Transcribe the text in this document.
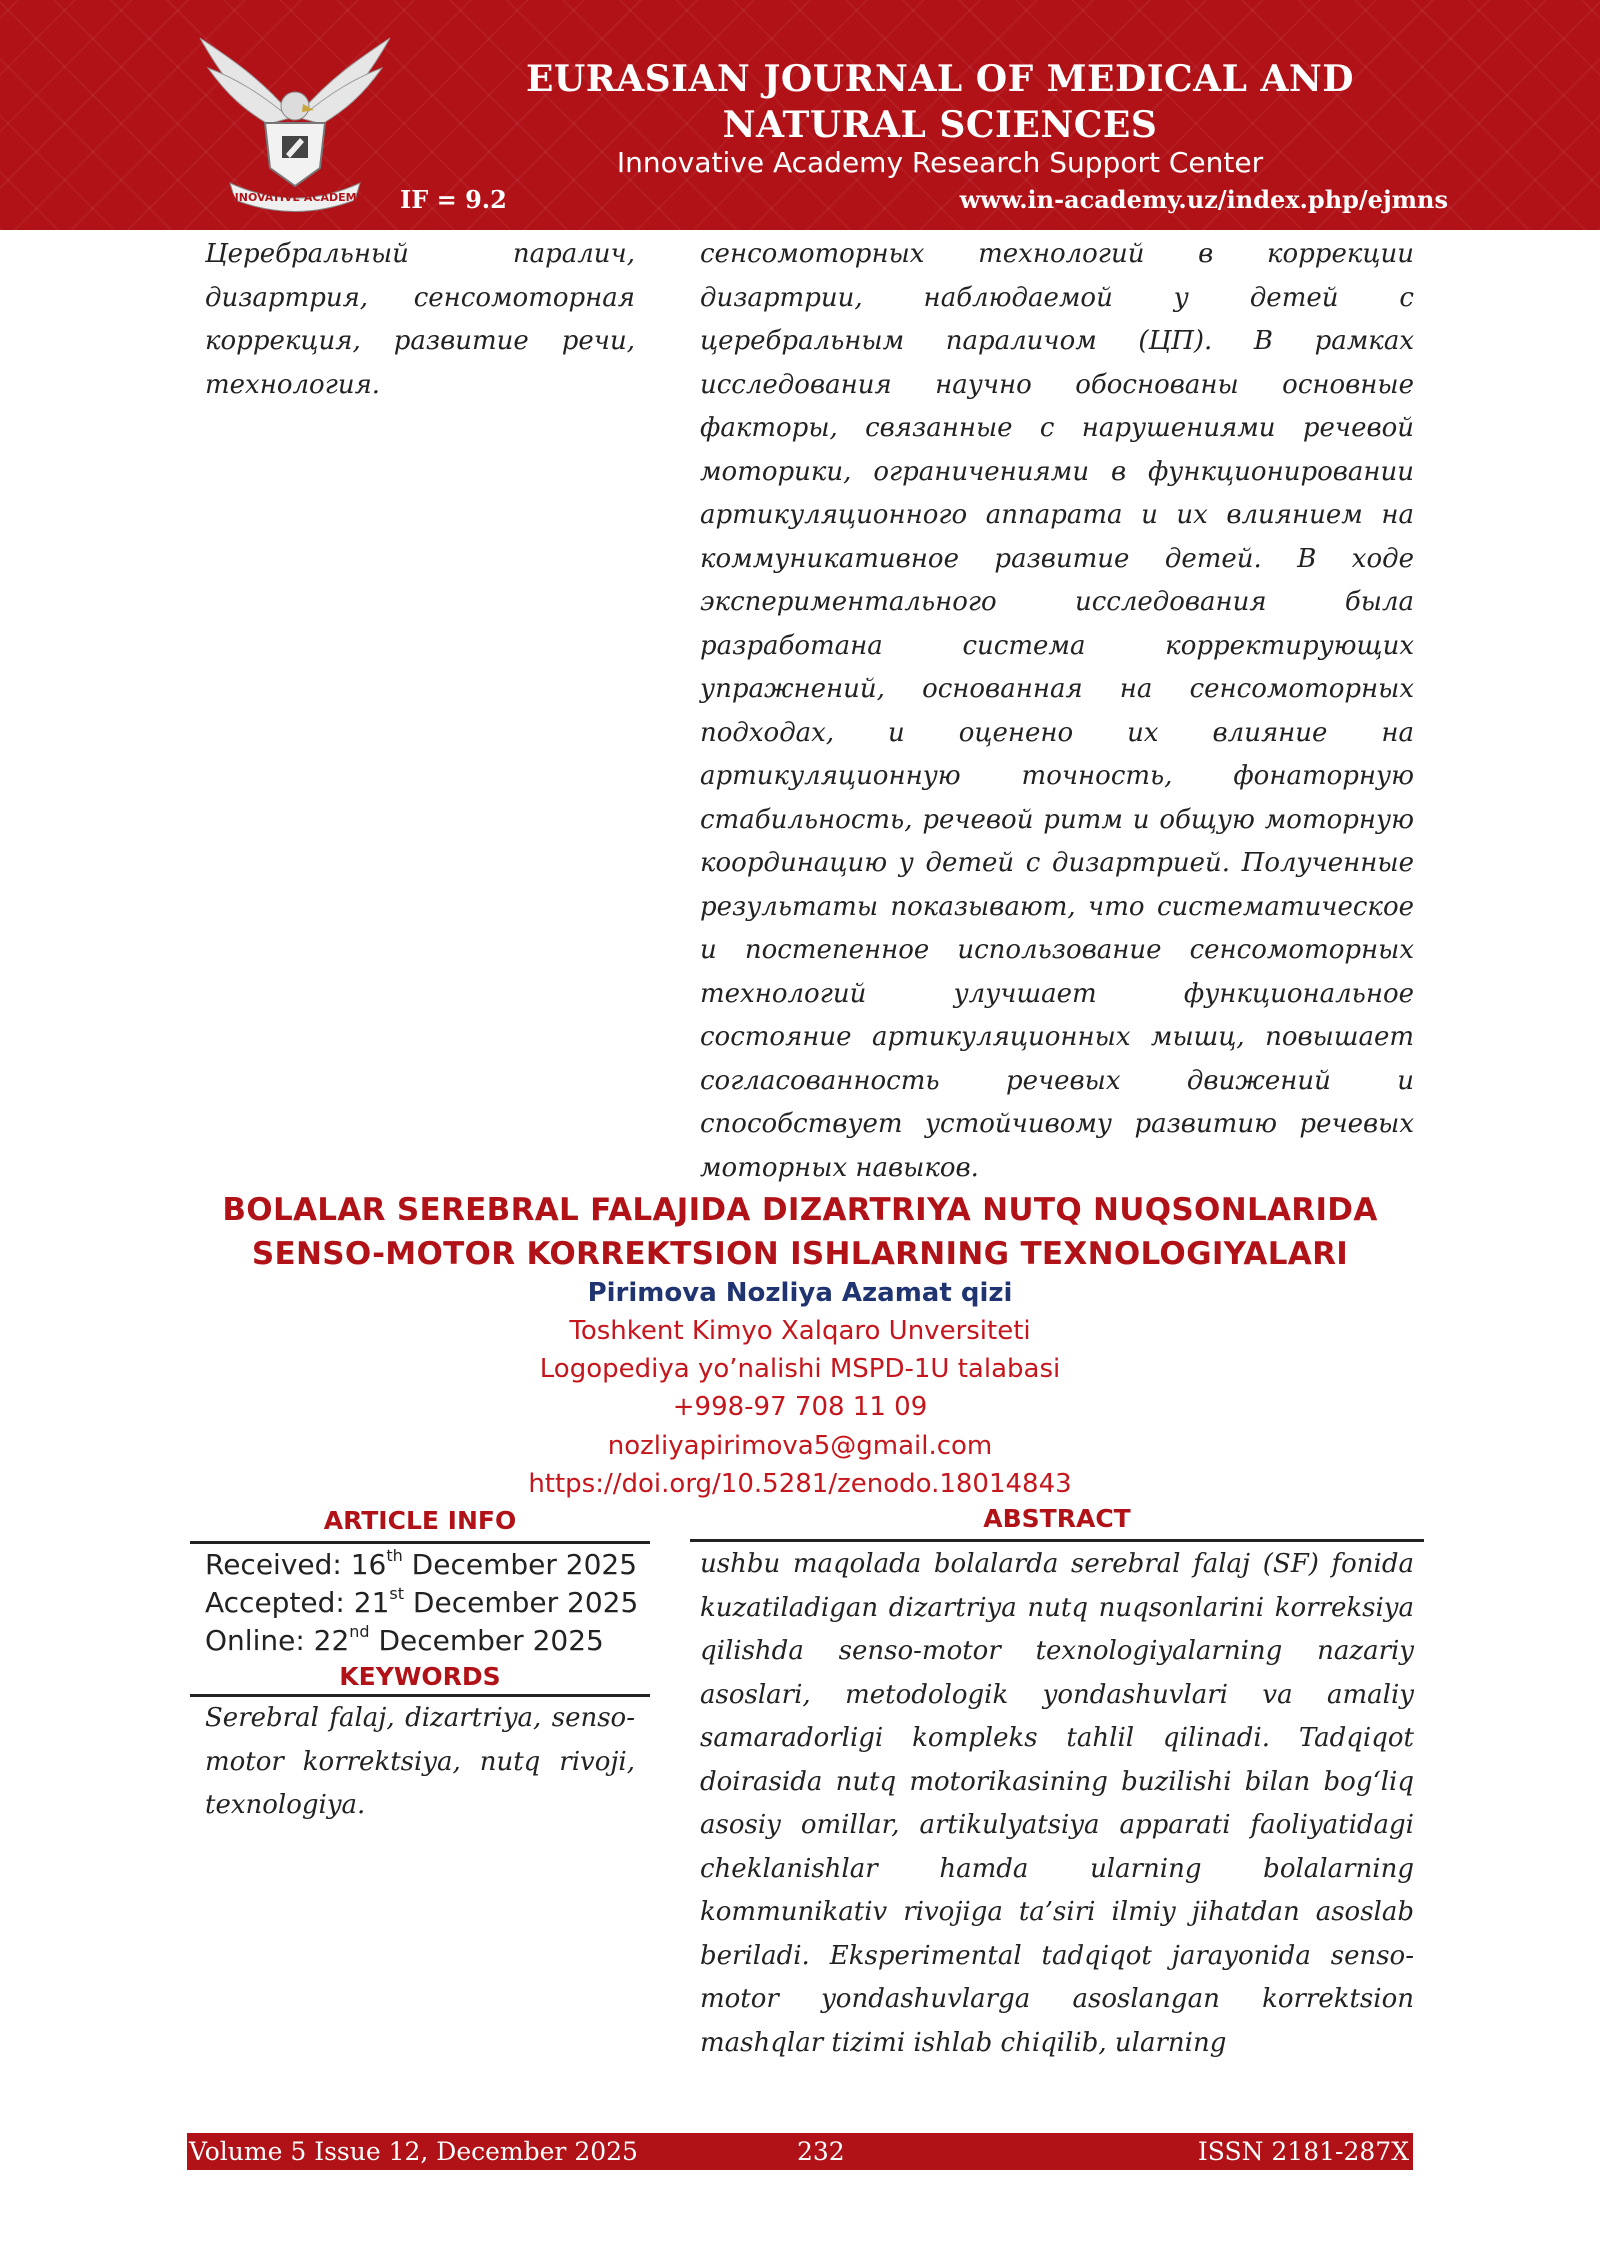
INNOVATIVE ACADEMY
EURASIAN JOURNAL OF MEDICAL AND
NATURAL SCIENCES
Innovative Academy Research Support Center
IF = 9.2	www.in-academy.uz/index.php/ejmns
Церебральный паралич, дизартрия, сенсомоторная коррекция, развитие речи, технология.
сенсомоторных технологий в коррекции дизартрии, наблюдаемой у детей с церебральным параличом (ЦП). В рамках исследования научно обоснованы основные факторы, связанные с нарушениями речевой моторики, ограничениями в функционировании артикуляционного аппарата и их влиянием на коммуникативное развитие детей. В ходе экспериментального исследования была разработана система корректирующих упражнений, основанная на сенсомоторных подходах, и оценено их влияние на артикуляционную точность, фонаторную стабильность, речевой ритм и общую моторную координацию у детей с дизартрией. Полученные результаты показывают, что систематическое и постепенное использование сенсомоторных технологий улучшает функциональное состояние артикуляционных мышц, повышает согласованность речевых движений и способствует устойчивому развитию речевых моторных навыков.
BOLALAR SEREBRAL FALAJIDA DIZARTRIYA NUTQ NUQSONLARIDA
SENSO-MOTOR KORREKTSION ISHLARNING TEXNOLOGIYALARI
Pirimova Nozliya Azamat qizi
Toshkent Kimyo Xalqaro Unversiteti
Logopediya yo’nalishi MSPD-1U talabasi
+998-97 708 11 09
nozliyapirimova5@gmail.com
https://doi.org/10.5281/zenodo.18014843
ARTICLE INFO
Received: 16th December 2025
Accepted: 21st December 2025
Online: 22nd December 2025
KEYWORDS
Serebral falaj, dizartriya, senso-motor korrektsiya, nutq rivoji, texnologiya.
ABSTRACT
ushbu maqolada bolalarda serebral falaj (SF) fonida kuzatiladigan dizartriya nutq nuqsonlarini korreksiya qilishda senso-motor texnologiyalarning nazariy asoslari, metodologik yondashuvlari va amaliy samaradorligi kompleks tahlil qilinadi. Tadqiqot doirasida nutq motorikasining buzilishi bilan bog‘liq asosiy omillar, artikulyatsiya apparati faoliyatidagi cheklanishlar hamda ularning bolalarning kommunikativ rivojiga ta’siri ilmiy jihatdan asoslab beriladi. Eksperimental tadqiqot jarayonida senso-motor yondashuvlarga asoslangan korrektsion mashqlar tizimi ishlab chiqilib, ularning
Volume 5 Issue 12, December 2025	232	ISSN 2181-287X
